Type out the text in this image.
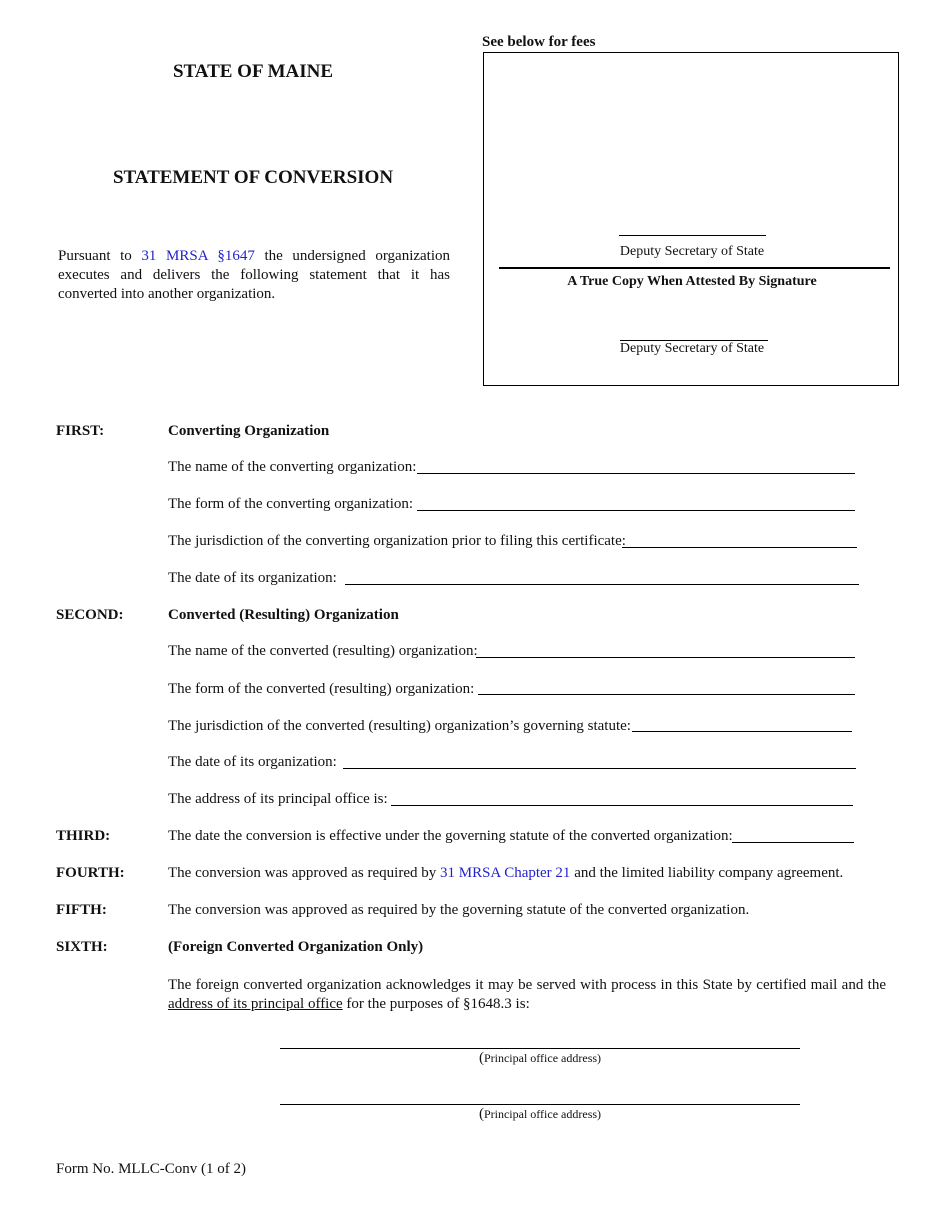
STATE OF MAINE
STATEMENT OF CONVERSION
Pursuant to 31 MRSA §1647 the undersigned organization executes and delivers the following statement that it has converted into another organization.
See below for fees
Deputy Secretary of State
A True Copy When Attested By Signature
Deputy Secretary of State
FIRST:	Converting Organization
The name of the converting organization:
The form of the converting organization:
The jurisdiction of the converting organization prior to filing this certificate:
The date of its organization:
SECOND:	Converted (Resulting) Organization
The name of the converted (resulting) organization:
The form of the converted (resulting) organization:
The jurisdiction of the converted (resulting) organization’s governing statute:
The date of its organization:
The address of its principal office is:
THIRD:	The date the conversion is effective under the governing statute of the converted organization:
FOURTH:	The conversion was approved as required by 31 MRSA Chapter 21 and the limited liability company agreement.
FIFTH:	The conversion was approved as required by the governing statute of the converted organization.
SIXTH:	(Foreign Converted Organization Only)
The foreign converted organization acknowledges it may be served with process in this State by certified mail and the address of its principal office for the purposes of §1648.3 is:
(Principal office address)
(Principal office address)
Form No. MLLC-Conv (1 of 2)
